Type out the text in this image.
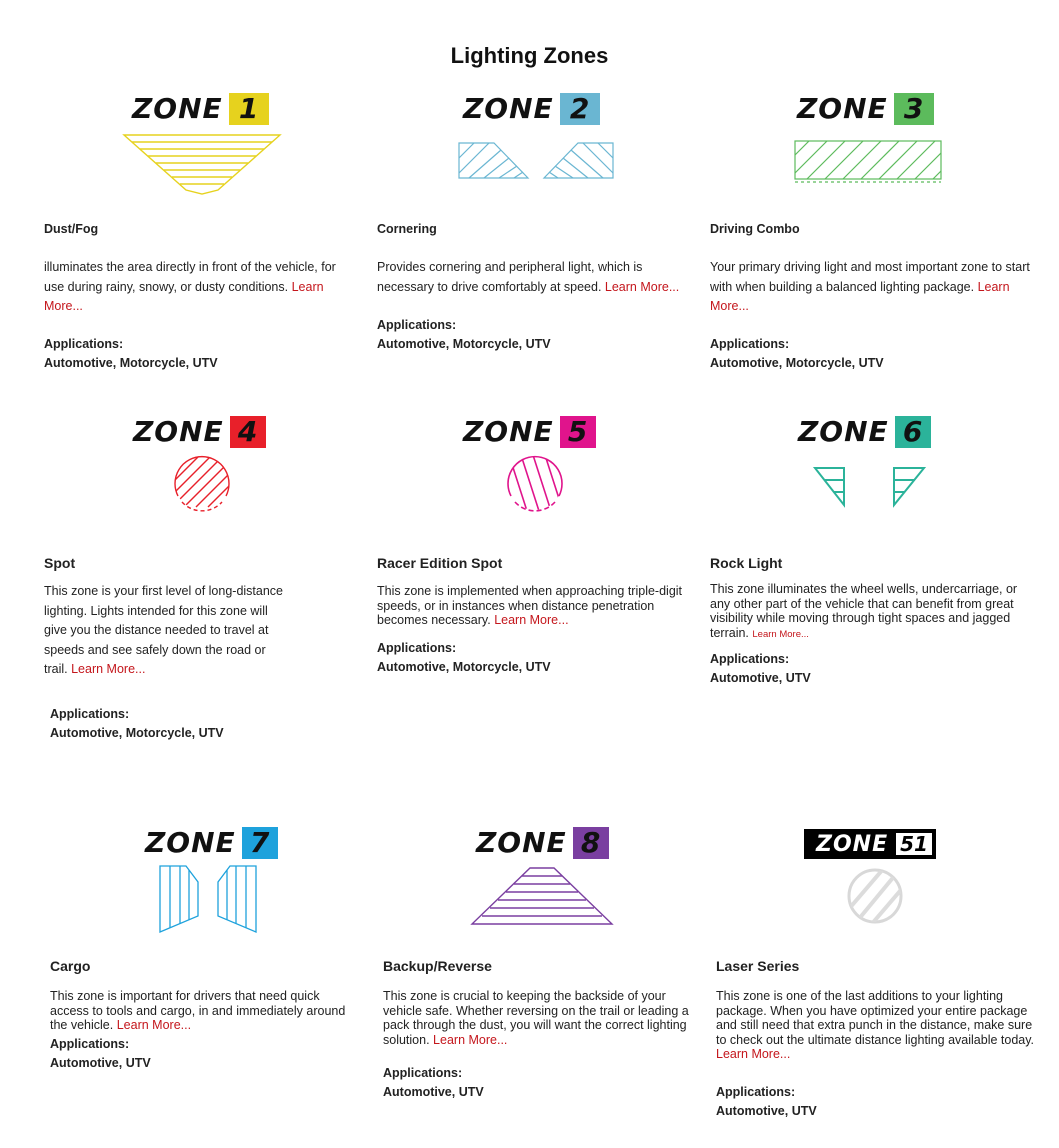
Lighting Zones
ZONE 1
Dust/Fog
illuminates the area directly in front of the vehicle, for use during rainy, snowy, or dusty conditions. Learn More...
Applications:
Automotive, Motorcycle, UTV
ZONE 2
Cornering
Provides cornering and peripheral light, which is necessary to drive comfortably at speed. Learn More...
Applications:
Automotive, Motorcycle, UTV
ZONE 3
Driving Combo
Your primary driving light and most important zone to start with when building a balanced lighting package. Learn More...
Applications:
Automotive, Motorcycle, UTV
ZONE 4
Spot
This zone is your first level of long-distance lighting. Lights intended for this zone will give you the distance needed to travel at speeds and see safely down the road or trail. Learn More...
Applications:
Automotive, Motorcycle, UTV
ZONE 5
Racer Edition Spot
This zone is implemented when approaching triple-digit speeds, or in instances when distance penetration becomes necessary. Learn More...
Applications:
Automotive, Motorcycle, UTV
ZONE 6
Rock Light
This zone illuminates the wheel wells, undercarriage, or any other part of the vehicle that can benefit from great visibility while moving through tight spaces and jagged terrain. Learn More...
Applications:
Automotive, UTV
ZONE 7
Cargo
This zone is important for drivers that need quick access to tools and cargo, in and immediately around the vehicle. Learn More...
Applications:
Automotive, UTV
ZONE 8
Backup/Reverse
This zone is crucial to keeping the backside of your vehicle safe. Whether reversing on the trail or leading a pack through the dust, you will want the correct lighting solution. Learn More...
Applications:
Automotive, UTV
ZONE 51
Laser Series
This zone is one of the last additions to your lighting package. When you have optimized your entire package and still need that extra punch in the distance, make sure to check out the ultimate distance lighting available today. Learn More...
Applications:
Automotive, UTV
